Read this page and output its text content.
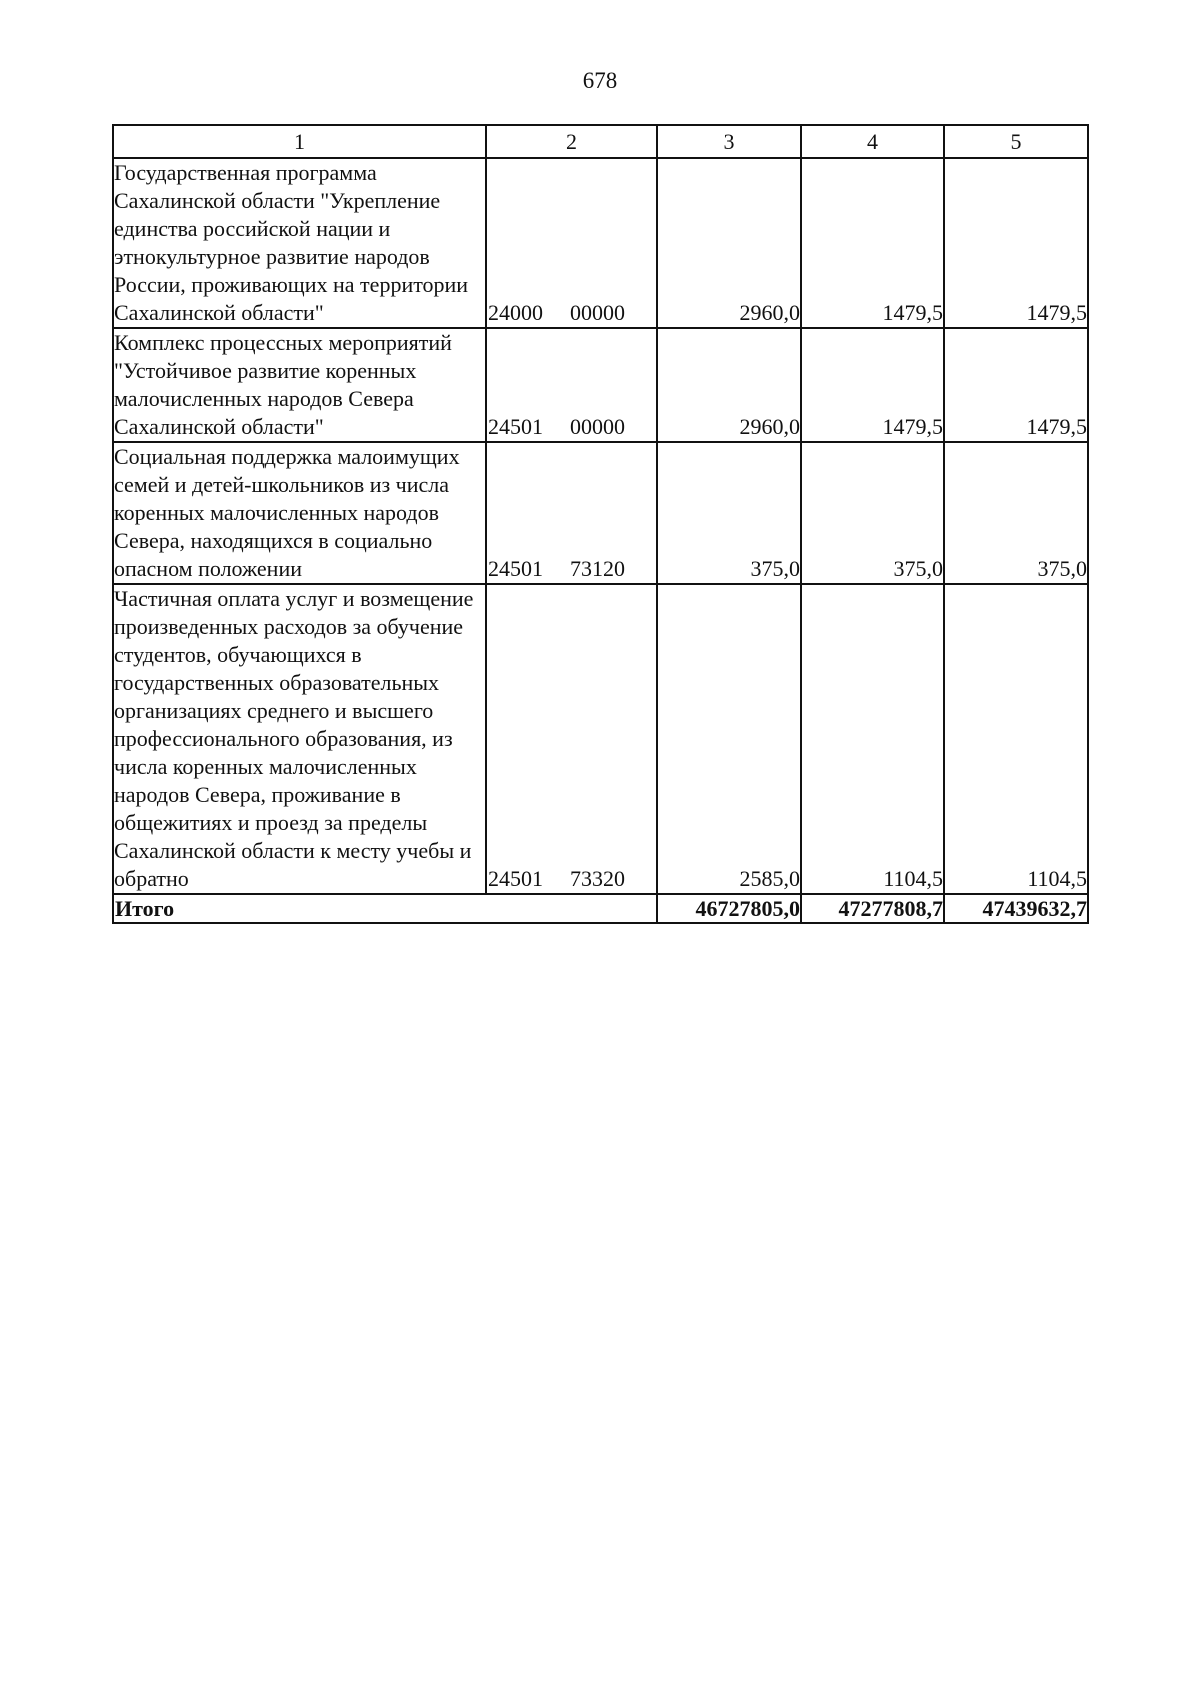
678
1	2	3	4	5
Государственная программа Сахалинской области "Укрепление единства российской нации и этнокультурное развитие народов России, проживающих на территории Сахалинской области"	24000 00000	2960,0	1479,5	1479,5
Комплекс процессных мероприятий "Устойчивое развитие коренных малочисленных народов Севера Сахалинской области"	24501 00000	2960,0	1479,5	1479,5
Социальная поддержка малоимущих семей и детей-школьников из числа коренных малочисленных народов Севера, находящихся в социально опасном положении	24501 73120	375,0	375,0	375,0
Частичная оплата услуг и возмещение произведенных расходов за обучение студентов, обучающихся в государственных образовательных организациях среднего и высшего профессионального образования, из числа коренных малочисленных народов Севера, проживание в общежитиях и проезд за пределы Сахалинской области к месту учебы и обратно	24501 73320	2585,0	1104,5	1104,5
Итого		46727805,0	47277808,7	47439632,7
